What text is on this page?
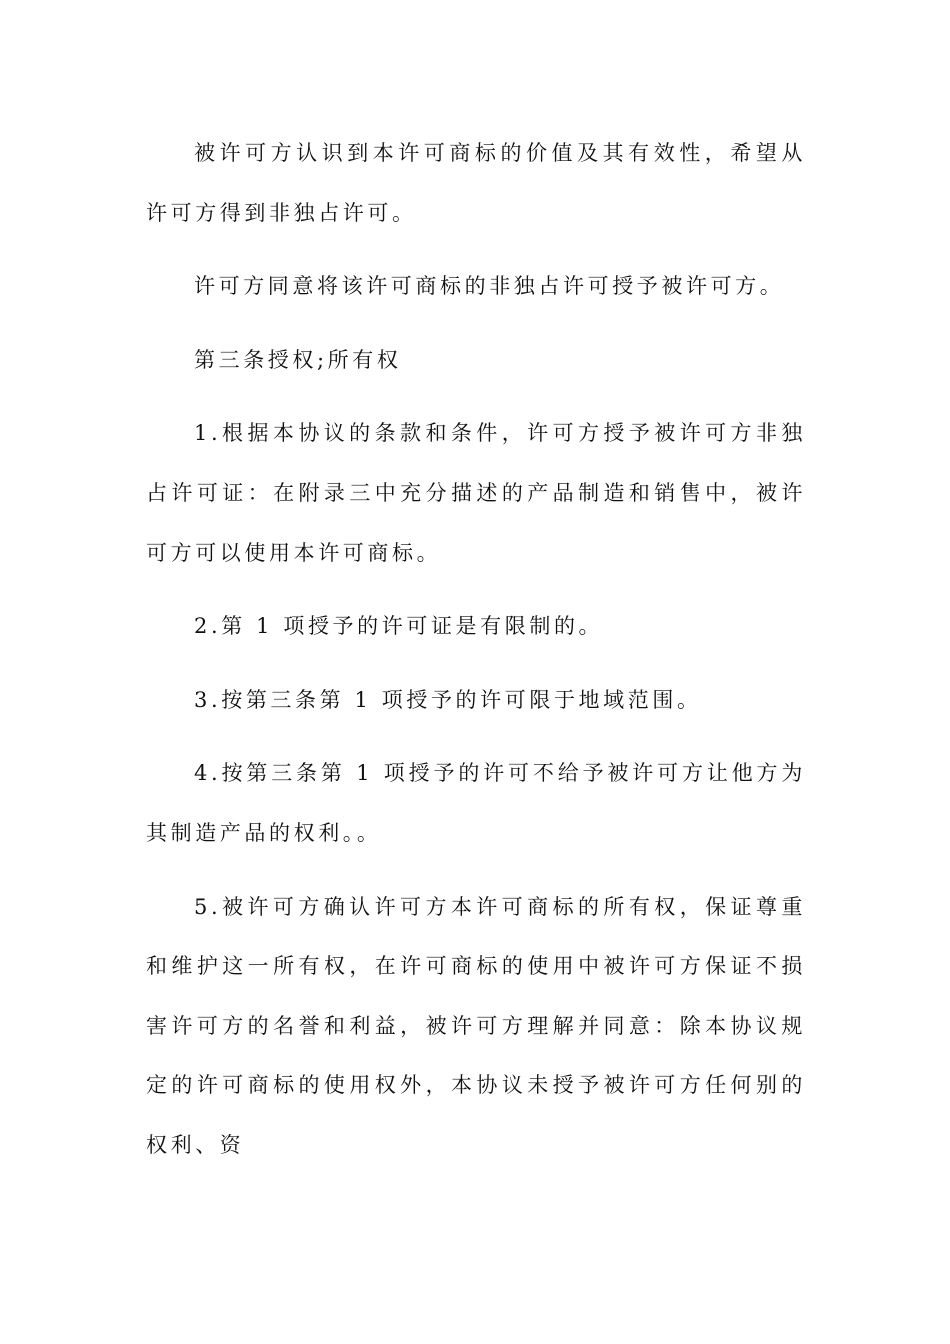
被许可方认识到本许可商标的价值及其有效性，希望从许可方得到非独占许可。

许可方同意将该许可商标的非独占许可授予被许可方。

第三条授权;所有权

1.根据本协议的条款和条件，许可方授予被许可方非独占许可证：在附录三中充分描述的产品制造和销售中，被许可方可以使用本许可商标。

2.第 1 项授予的许可证是有限制的。

3.按第三条第 1 项授予的许可限于地域范围。

4.按第三条第 1 项授予的许可不给予被许可方让他方为其制造产品的权利。。

5.被许可方确认许可方本许可商标的所有权，保证尊重和维护这一所有权，在许可商标的使用中被许可方保证不损害许可方的名誉和利益，被许可方理解并同意：除本协议规定的许可商标的使用权外，本协议未授予被许可方任何别的权利、资
